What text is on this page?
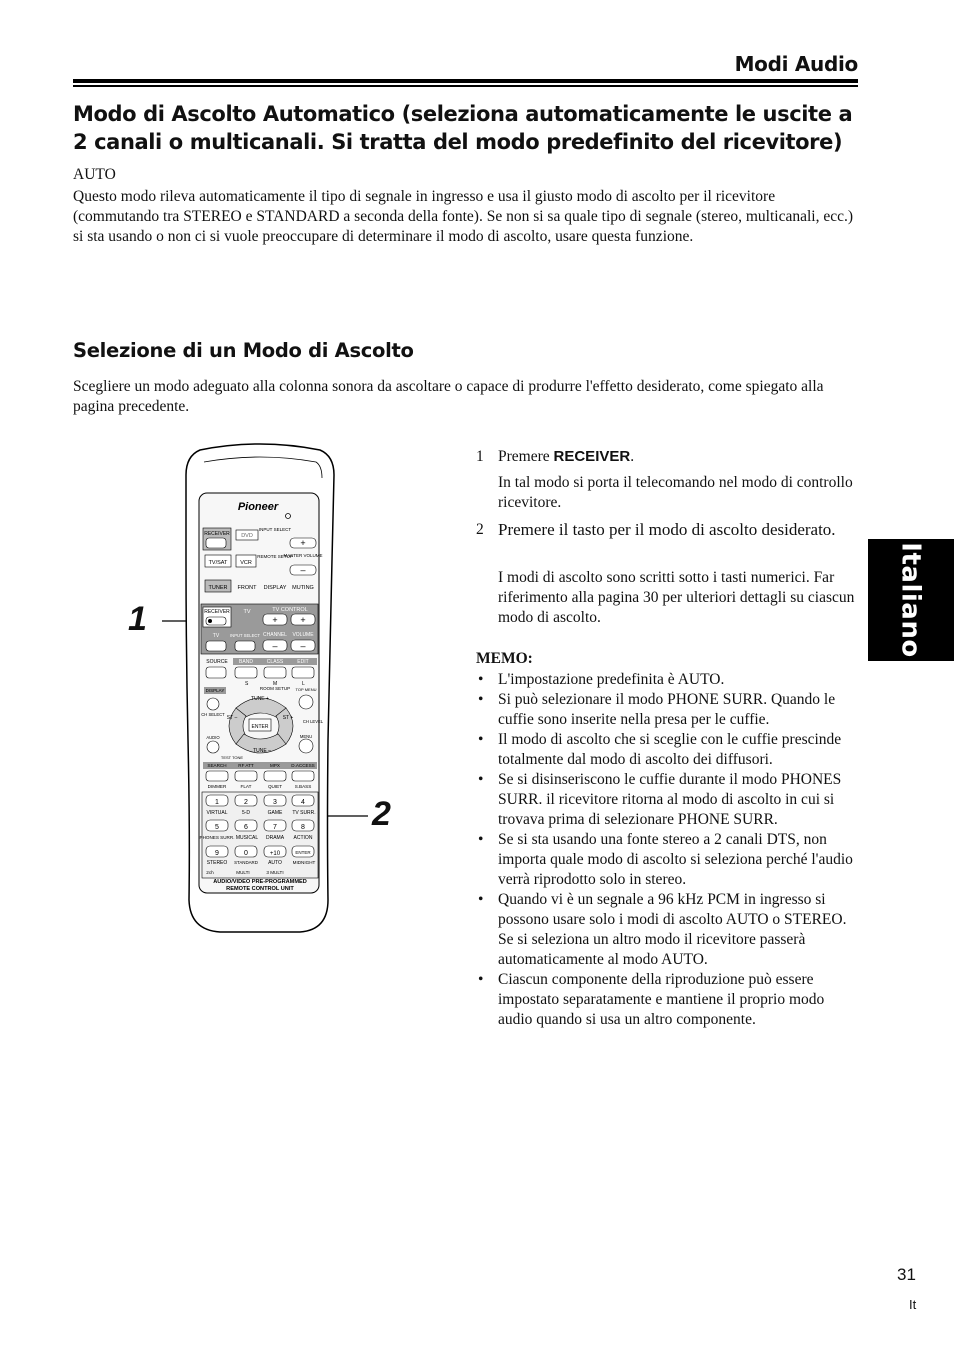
Modi Audio
Modo di Ascolto Automatico (seleziona automaticamente le uscite a 2 canali o multicanali. Si tratta del modo predefinito del ricevitore)
AUTO
Questo modo rileva automaticamente il tipo di segnale in ingresso e usa il giusto modo di ascolto per il ricevitore (commutando tra STEREO e STANDARD a seconda della fonte). Se non si sa quale tipo di segnale (stereo, multicanali, ecc.) si sta usando o non ci si vuole preoccupare di determinare il modo di ascolto, usare questa funzione.
Selezione di un Modo di Ascolto
Scegliere un modo adeguato alla colonna sonora da ascoltare o capace di produrre l'effetto desiderato, come spiegato alla pagina precedente.
Italiano
1 Premere RECEIVER.
In tal modo si porta il telecomando nel modo di controllo ricevitore.
2 Premere il tasto per il modo di ascolto desiderato.
I modi di ascolto sono scritti sotto i tasti numerici. Far riferimento alla pagina 30 per ulteriori dettagli su ciascun modo di ascolto.
MEMO:
• L'impostazione predefinita è AUTO.
• Si può selezionare il modo PHONE SURR. Quando le cuffie sono inserite nella presa per le cuffie.
• Il modo di ascolto che si sceglie con le cuffie prescinde totalmente dal modo di ascolto dei diffusori.
• Se si disinseriscono le cuffie durante il modo PHONES SURR. il ricevitore ritorna al modo di ascolto in cui si trovava prima di selezionare PHONE SURR.
• Se si sta usando una fonte stereo a 2 canali DTS, non importa quale modo di ascolto si seleziona perché l'audio verrà riprodotto solo in stereo.
• Quando vi è un segnale a 96 kHz PCM in ingresso si possono usare solo i modi di ascolto AUTO o STEREO. Se si seleziona un altro modo il ricevitore passerà automaticamente al modo AUTO.
• Ciascun componente della riproduzione può essere impostato separatamente e mantiene il proprio modo audio quando si usa un altro componente.
1
2
Pioneer
RECEIVER DVD
INPUT SELECT
+
TV/SAT VCR
REMOTE SETUP
MASTER VOLUME
–
TUNER FRONT DISPLAY MUTING
RECEIVER TV	TV CONTROL
+	+
TV	INPUT SELECT CHANNEL VOLUME
–	–
SOURCE BAND	CLASS	EDIT
S	M	L
DISPLAY	ROOM SETUP TOP MENU
TUNE +
ENTER
CH SELECT
ST –	ST +
CH LEVEL
AUDIO	MENU
TUNE –
TEST TONE
SEARCH	RF ATT	MPX D.ACCESS
DIMMER	FLAT	QUIET	S.BASS
1	2	3	4
5	6	7	8
9	0	+10	ENTER
VIRTUAL	5-D	GAME TV SURR.
PHONES SURR. MUSICAL DRAMA ACTION
STEREO STANDARD AUTO MIDNIGHT
2ch	MULTI	3 MULTI
AUDIO/VIDEO PRE-PROGRAMMED
REMOTE CONTROL UNIT
31
It
